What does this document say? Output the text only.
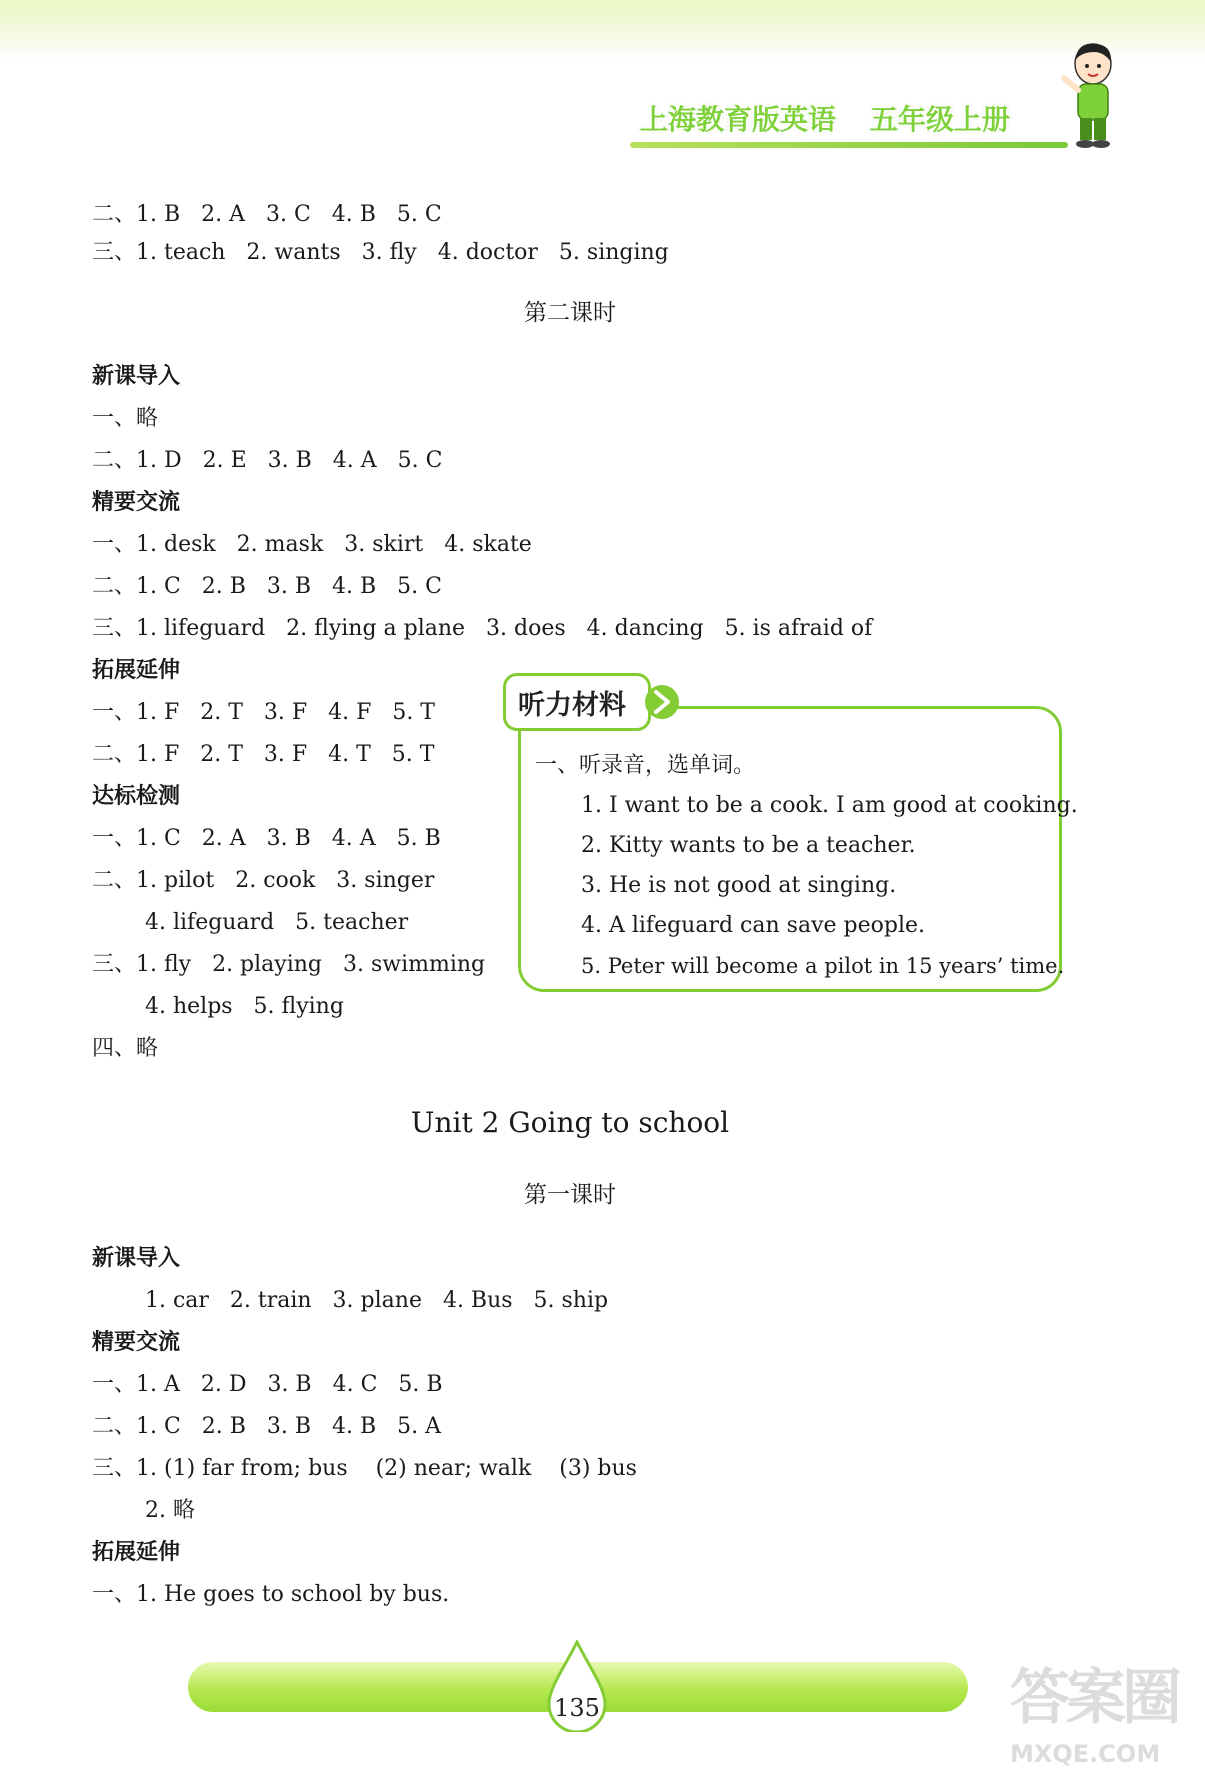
上海教育版英语 五年级上册
二、1. B   2. A   3. C   4. B   5. C
三、1. teach   2. wants   3. fly   4. doctor   5. singing
第二课时
新课导入
一、略
二、1. D   2. E   3. B   4. A   5. C
精要交流
一、1. desk   2. mask   3. skirt   4. skate
二、1. C   2. B   3. B   4. B   5. C
三、1. lifeguard   2. flying a plane   3. does   4. dancing   5. is afraid of
拓展延伸
一、1. F   2. T   3. F   4. F   5. T
二、1. F   2. T   3. F   4. T   5. T
达标检测
一、1. C   2. A   3. B   4. A   5. B
二、1. pilot   2. cook   3. singer
4. lifeguard   5. teacher
三、1. fly   2. playing   3. swimming
4. helps   5. flying
四、略
Unit 2 Going to school
第一课时
新课导入
1. car   2. train   3. plane   4. Bus   5. ship
精要交流
一、1. A   2. D   3. B   4. C   5. B
二、1. C   2. B   3. B   4. B   5. A
三、1. (1) far from; bus    (2) near; walk    (3) bus
2. 略
拓展延伸
一、1. He goes to school by bus.
一、听录音，选单词。
1. I want to be a cook. I am good at cooking.
2. Kitty wants to be a teacher.
3. He is not good at singing.
4. A lifeguard can save people.
5. Peter will become a pilot in 15 years’ time.
听力材料
135	答案圈
MXQE.COM
